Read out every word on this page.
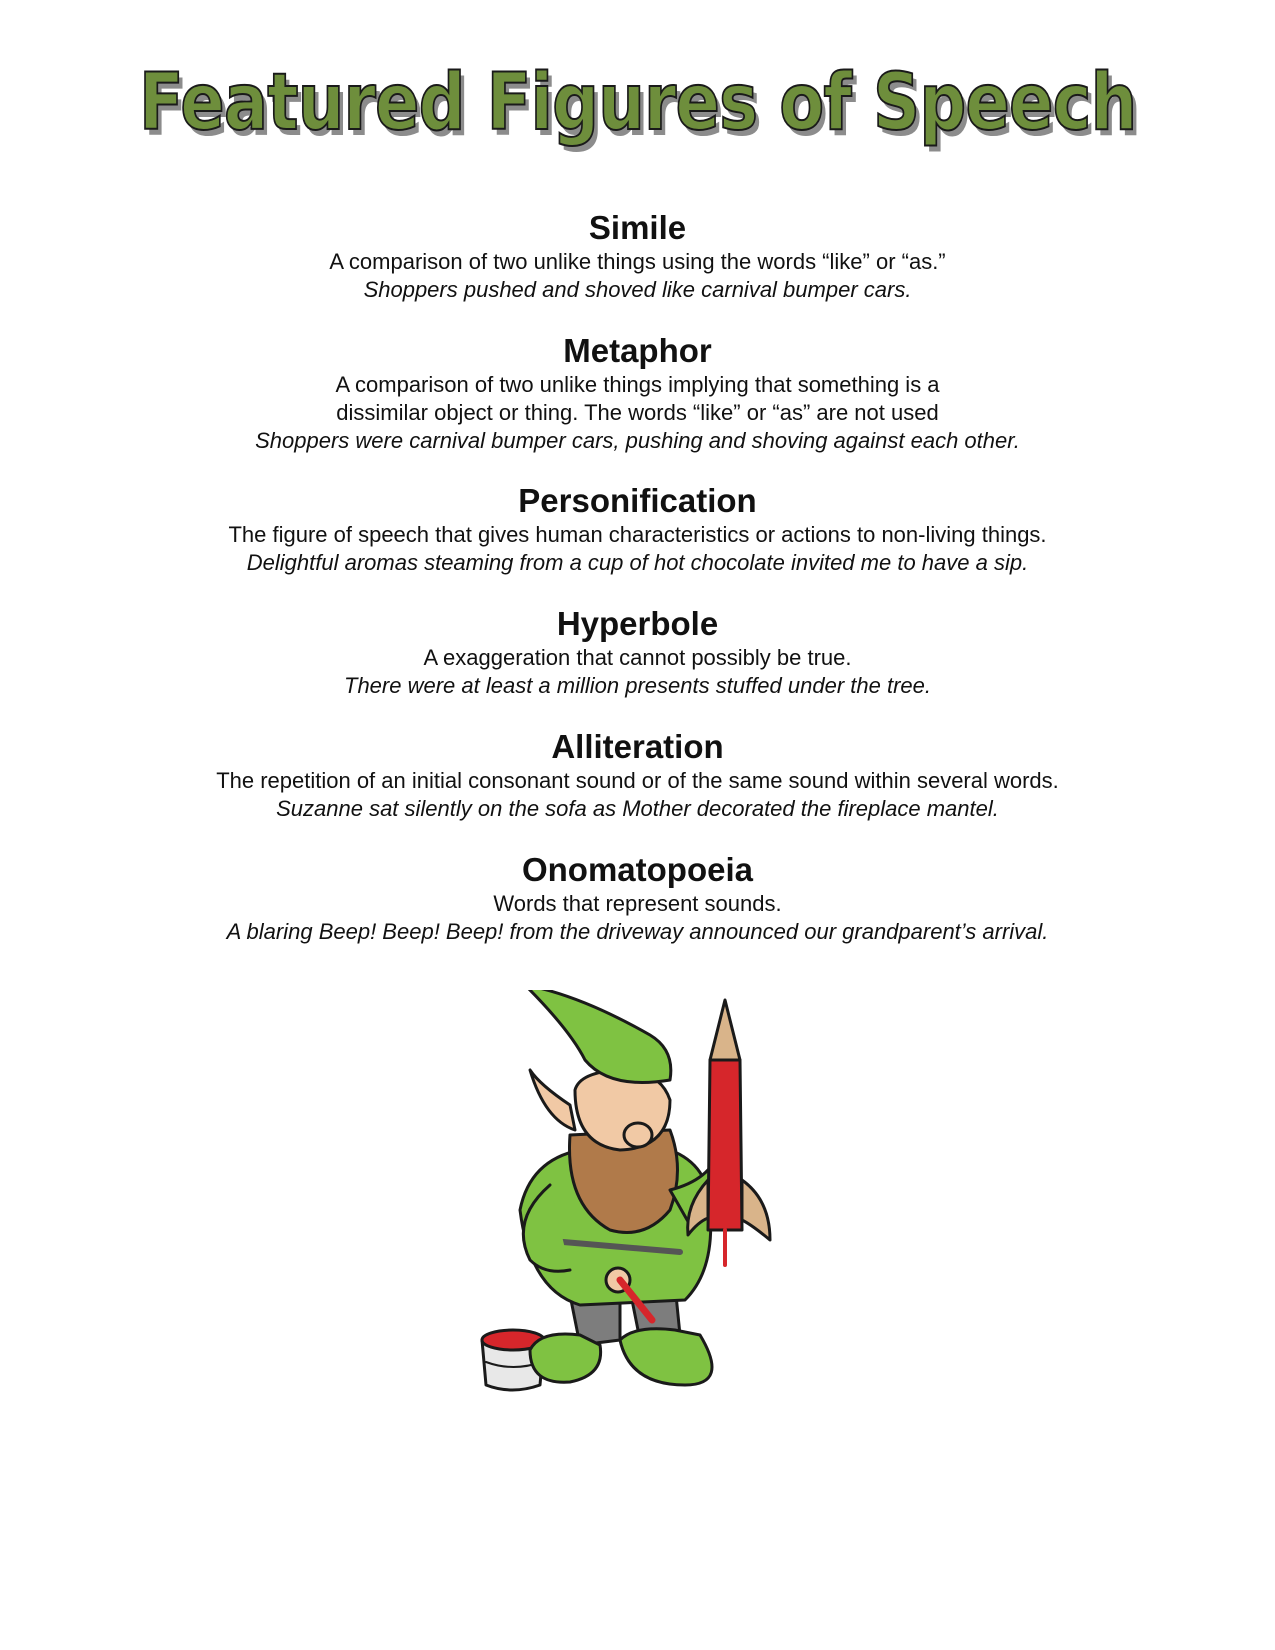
Featured Figures of Speech
Simile
A comparison of two unlike things using the words “like” or “as.”
Shoppers pushed and shoved like carnival bumper cars.
Metaphor
A comparison of two unlike things implying that something is a
dissimilar object or thing. The words “like” or “as” are not used
Shoppers were carnival bumper cars, pushing and shoving against each other.
Personification
The figure of speech that gives human characteristics or actions to non-living things.
Delightful aromas steaming from a cup of hot chocolate invited me to have a sip.
Hyperbole
A exaggeration that cannot possibly be true.
There were at least a million presents stuffed under the tree.
Alliteration
The repetition of an initial consonant sound or of the same sound within several words.
Suzanne sat silently on the sofa as Mother decorated the fireplace mantel.
Onomatopoeia
Words that represent sounds.
A blaring Beep! Beep! Beep! from the driveway announced our grandparent’s arrival.
